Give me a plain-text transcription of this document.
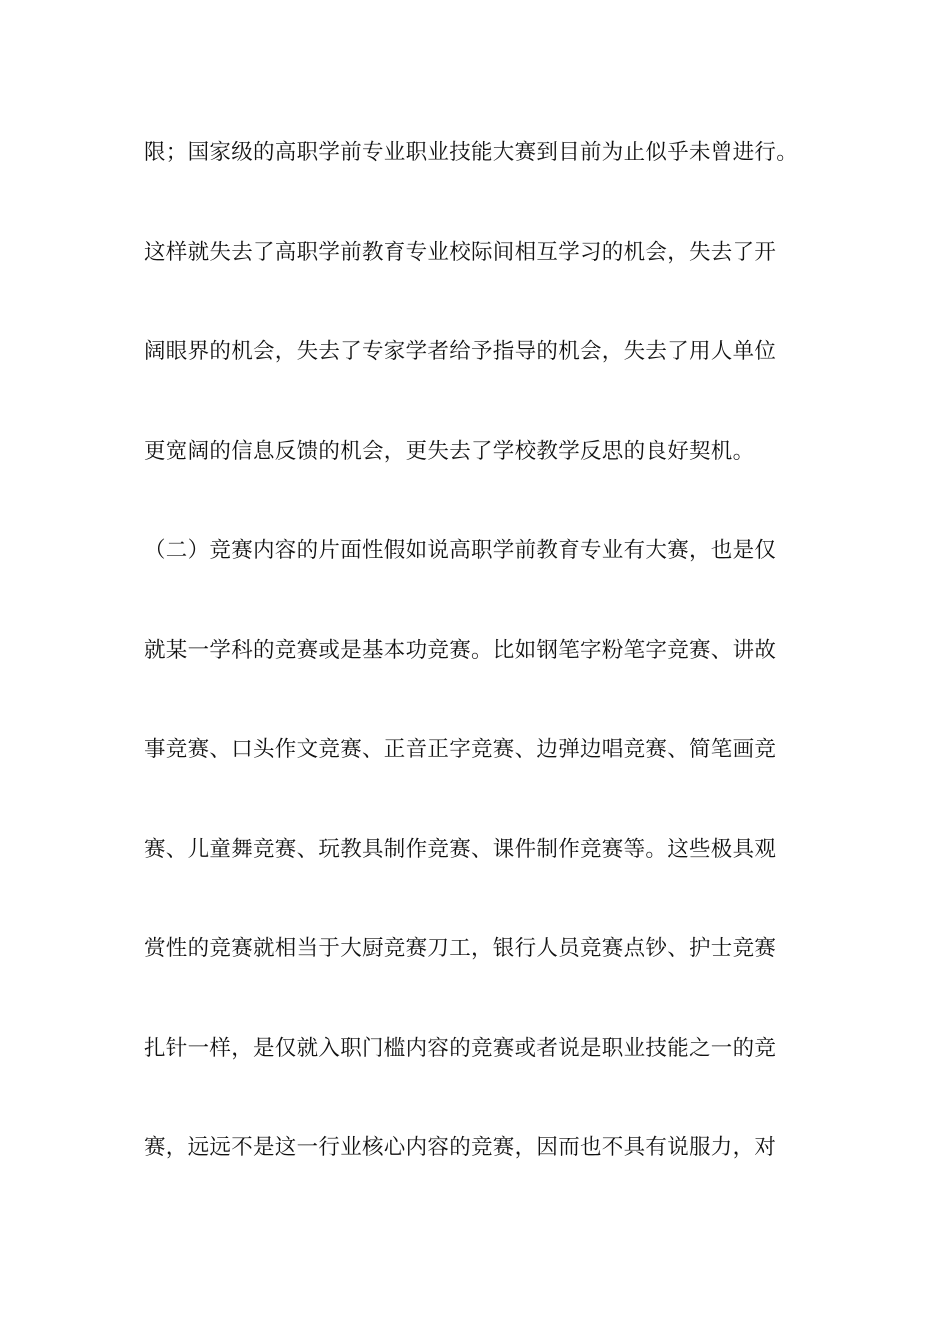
限；国家级的高职学前专业职业技能大赛到目前为止似乎未曾进行。
这样就失去了高职学前教育专业校际间相互学习的机会，失去了开
阔眼界的机会，失去了专家学者给予指导的机会，失去了用人单位
更宽阔的信息反馈的机会，更失去了学校教学反思的良好契机。
（二）竞赛内容的片面性假如说高职学前教育专业有大赛，也是仅
就某一学科的竞赛或是基本功竞赛。比如钢笔字粉笔字竞赛、讲故
事竞赛、口头作文竞赛、正音正字竞赛、边弹边唱竞赛、简笔画竞
赛、儿童舞竞赛、玩教具制作竞赛、课件制作竞赛等。这些极具观
赏性的竞赛就相当于大厨竞赛刀工，银行人员竞赛点钞、护士竞赛
扎针一样，是仅就入职门槛内容的竞赛或者说是职业技能之一的竞
赛，远远不是这一行业核心内容的竞赛，因而也不具有说服力，对
